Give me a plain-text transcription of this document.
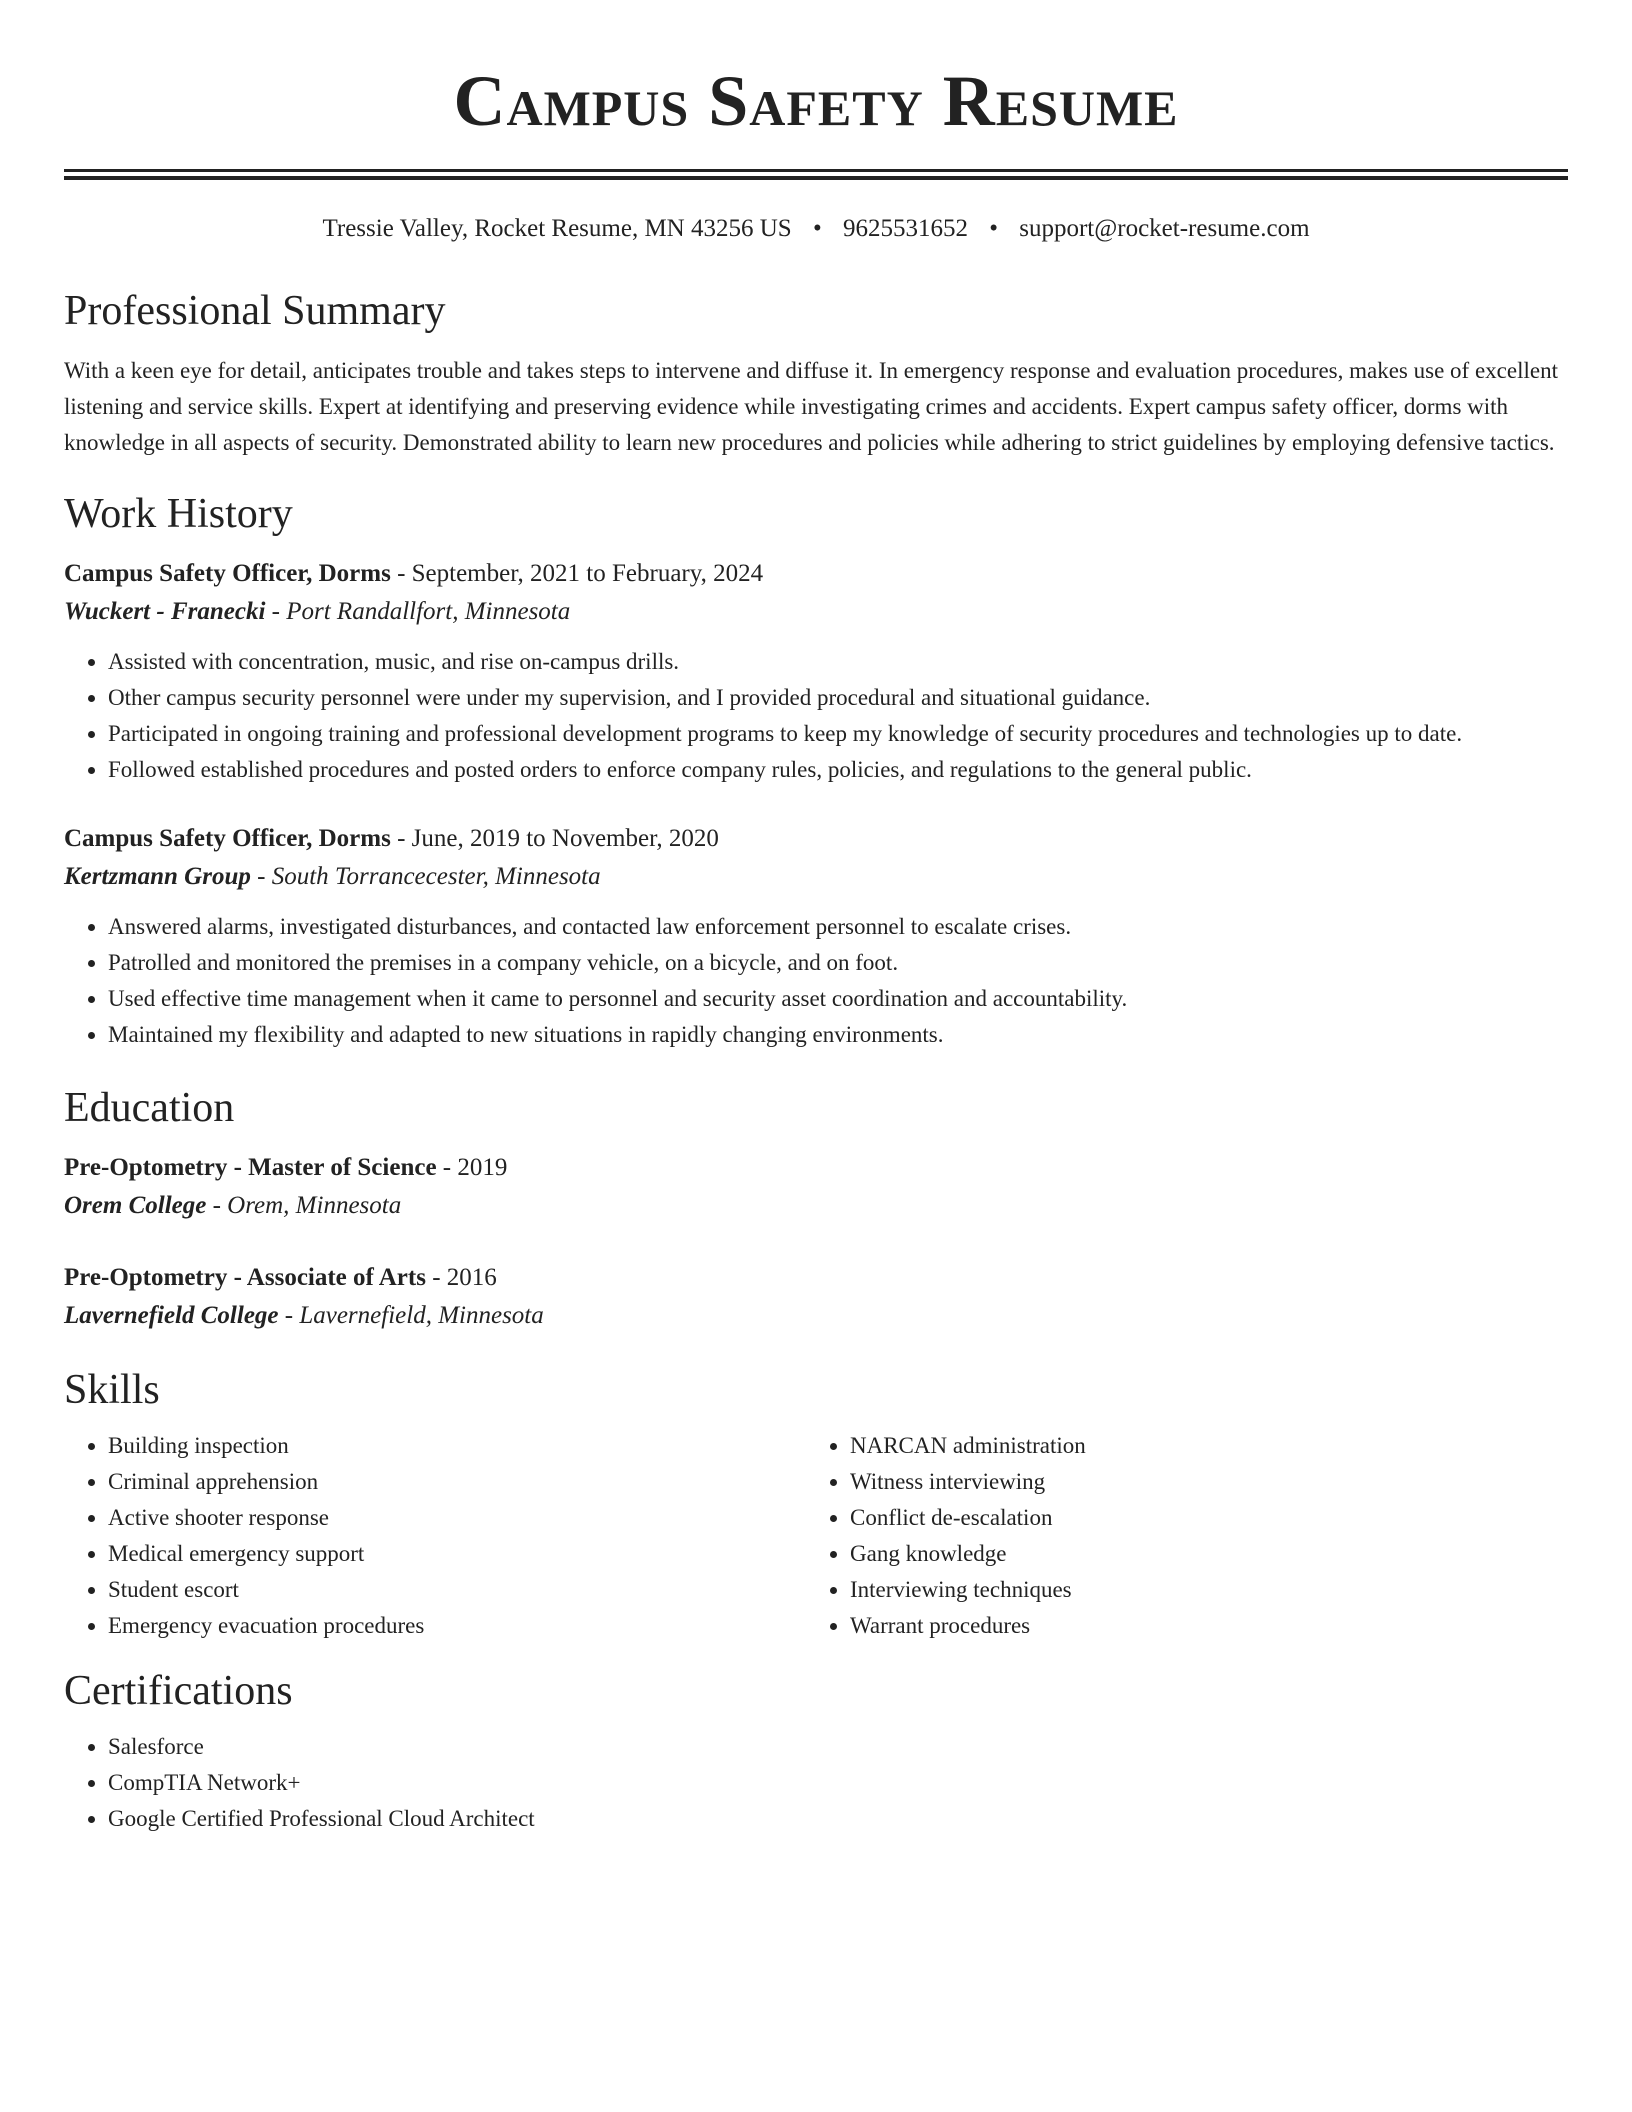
Campus Safety Resume
Tressie Valley, Rocket Resume, MN 43256 US • 9625531652 • support@rocket-resume.com
Professional Summary

With a keen eye for detail, anticipates trouble and takes steps to intervene and diffuse it. In emergency response and evaluation procedures, makes use of excellent listening and service skills. Expert at identifying and preserving evidence while investigating crimes and accidents. Expert campus safety officer, dorms with knowledge in all aspects of security. Demonstrated ability to learn new procedures and policies while adhering to strict guidelines by employing defensive tactics.

Work History
Campus Safety Officer, Dorms - September, 2021 to February, 2024
Wuckert - Franecki - Port Randallfort, Minnesota
• Assisted with concentration, music, and rise on-campus drills.
• Other campus security personnel were under my supervision, and I provided procedural and situational guidance.
• Participated in ongoing training and professional development programs to keep my knowledge of security procedures and technologies up to date.
• Followed established procedures and posted orders to enforce company rules, policies, and regulations to the general public.
Campus Safety Officer, Dorms - June, 2019 to November, 2020
Kertzmann Group - South Torrancecester, Minnesota
• Answered alarms, investigated disturbances, and contacted law enforcement personnel to escalate crises.
• Patrolled and monitored the premises in a company vehicle, on a bicycle, and on foot.
• Used effective time management when it came to personnel and security asset coordination and accountability.
• Maintained my flexibility and adapted to new situations in rapidly changing environments.
Education
Pre-Optometry - Master of Science - 2019
Orem College - Orem, Minnesota
Pre-Optometry - Associate of Arts - 2016
Lavernefield College - Lavernefield, Minnesota
Skills
• Building inspection
• Criminal apprehension
• Active shooter response
• Medical emergency support
• Student escort
• Emergency evacuation procedures
• NARCAN administration
• Witness interviewing
• Conflict de-escalation
• Gang knowledge
• Interviewing techniques
• Warrant procedures
Certifications
• Salesforce
• CompTIA Network+
• Google Certified Professional Cloud Architect
